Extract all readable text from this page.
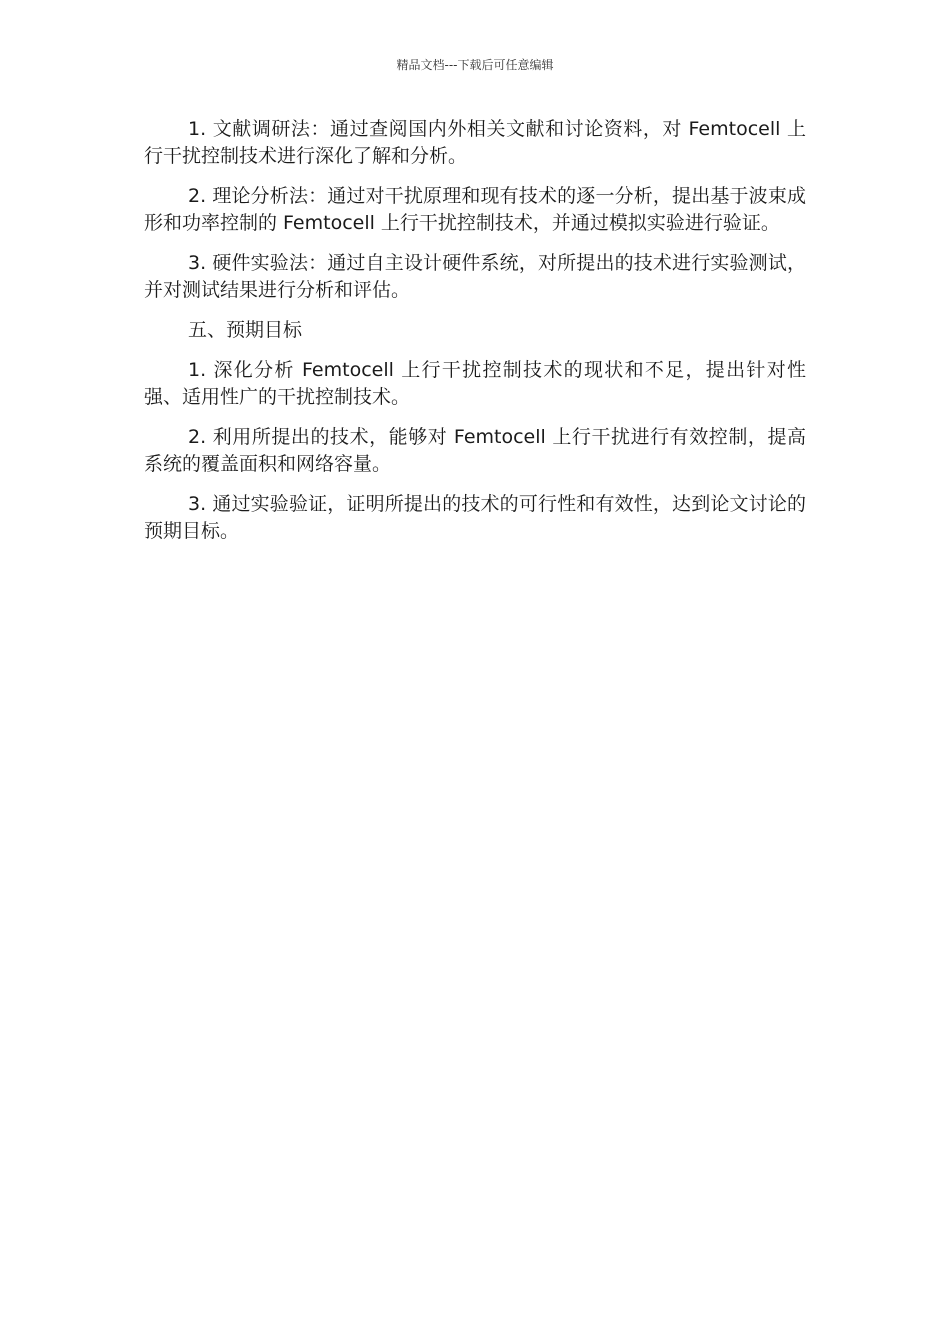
精品文档---下载后可任意编辑

1. 文献调研法：通过查阅国内外相关文献和讨论资料，对 Femtocell 上行干扰控制技术进行深化了解和分析。

2. 理论分析法：通过对干扰原理和现有技术的逐一分析，提出基于波束成形和功率控制的 Femtocell 上行干扰控制技术，并通过模拟实验进行验证。

3. 硬件实验法：通过自主设计硬件系统，对所提出的技术进行实验测试，并对测试结果进行分析和评估。

五、预期目标

1. 深化分析 Femtocell 上行干扰控制技术的现状和不足，提出针对性强、适用性广的干扰控制技术。

2. 利用所提出的技术，能够对 Femtocell 上行干扰进行有效控制，提高系统的覆盖面积和网络容量。

3. 通过实验验证，证明所提出的技术的可行性和有效性，达到论文讨论的预期目标。
